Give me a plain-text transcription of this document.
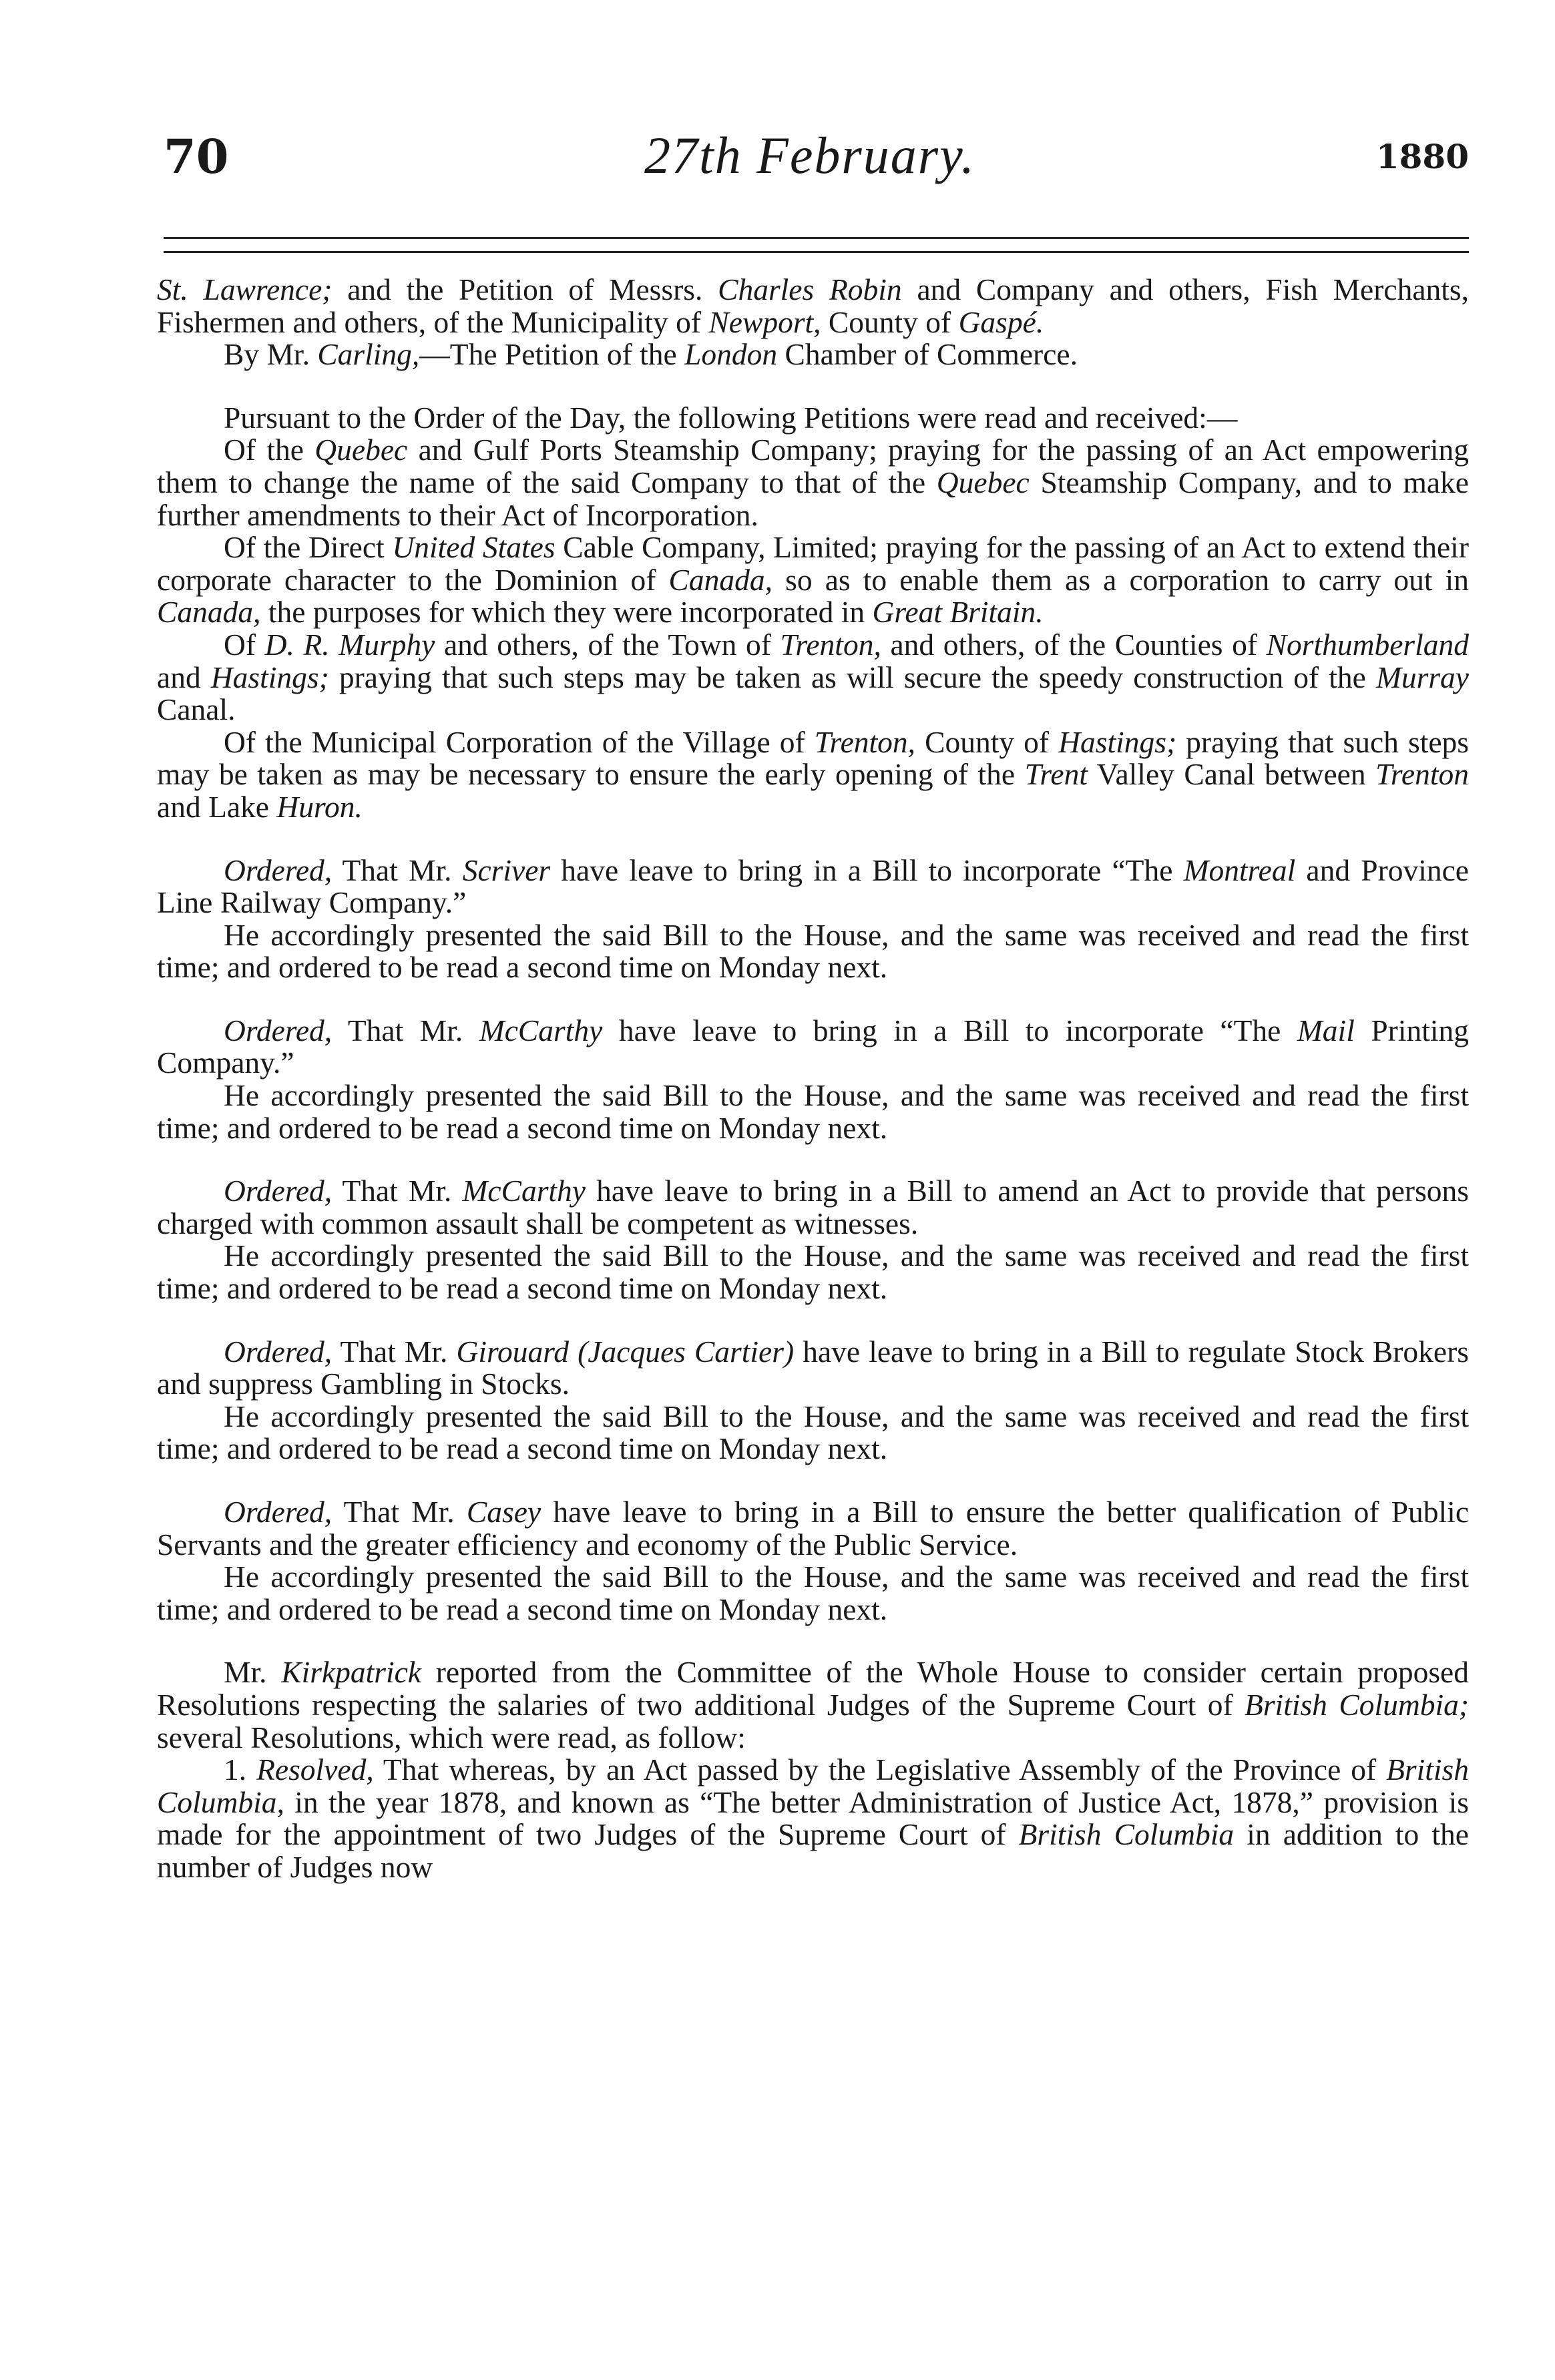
70	27th February.	1880

St. Lawrence; and the Petition of Messrs. Charles Robin and Company and others, Fish Merchants, Fishermen and others, of the Municipality of Newport, County of Gaspé.

By Mr. Carling,—The Petition of the London Chamber of Commerce.

Pursuant to the Order of the Day, the following Petitions were read and received:—

Of the Quebec and Gulf Ports Steamship Company; praying for the passing of an Act empowering them to change the name of the said Company to that of the Quebec Steamship Company, and to make further amendments to their Act of Incorporation.

Of the Direct United States Cable Company, Limited; praying for the passing of an Act to extend their corporate character to the Dominion of Canada, so as to enable them as a corporation to carry out in Canada, the purposes for which they were incorporated in Great Britain.

Of D. R. Murphy and others, of the Town of Trenton, and others, of the Counties of Northumberland and Hastings; praying that such steps may be taken as will secure the speedy construction of the Murray Canal.

Of the Municipal Corporation of the Village of Trenton, County of Hastings; praying that such steps may be taken as may be necessary to ensure the early opening of the Trent Valley Canal between Trenton and Lake Huron.

Ordered, That Mr. Scriver have leave to bring in a Bill to incorporate “The Montreal and Province Line Railway Company.”

He accordingly presented the said Bill to the House, and the same was received and read the first time; and ordered to be read a second time on Monday next.

Ordered, That Mr. McCarthy have leave to bring in a Bill to incorporate “The Mail Printing Company.”

He accordingly presented the said Bill to the House, and the same was received and read the first time; and ordered to be read a second time on Monday next.

Ordered, That Mr. McCarthy have leave to bring in a Bill to amend an Act to provide that persons charged with common assault shall be competent as witnesses.

He accordingly presented the said Bill to the House, and the same was received and read the first time; and ordered to be read a second time on Monday next.

Ordered, That Mr. Girouard (Jacques Cartier) have leave to bring in a Bill to regulate Stock Brokers and suppress Gambling in Stocks.

He accordingly presented the said Bill to the House, and the same was received and read the first time; and ordered to be read a second time on Monday next.

Ordered, That Mr. Casey have leave to bring in a Bill to ensure the better qualification of Public Servants and the greater efficiency and economy of the Public Service.

He accordingly presented the said Bill to the House, and the same was received and read the first time; and ordered to be read a second time on Monday next.

Mr. Kirkpatrick reported from the Committee of the Whole House to consider certain proposed Resolutions respecting the salaries of two additional Judges of the Supreme Court of British Columbia; several Resolutions, which were read, as follow:

1. Resolved, That whereas, by an Act passed by the Legislative Assembly of the Province of British Columbia, in the year 1878, and known as “The better Administration of Justice Act, 1878,” provision is made for the appointment of two Judges of the Supreme Court of British Columbia in addition to the number of Judges now
